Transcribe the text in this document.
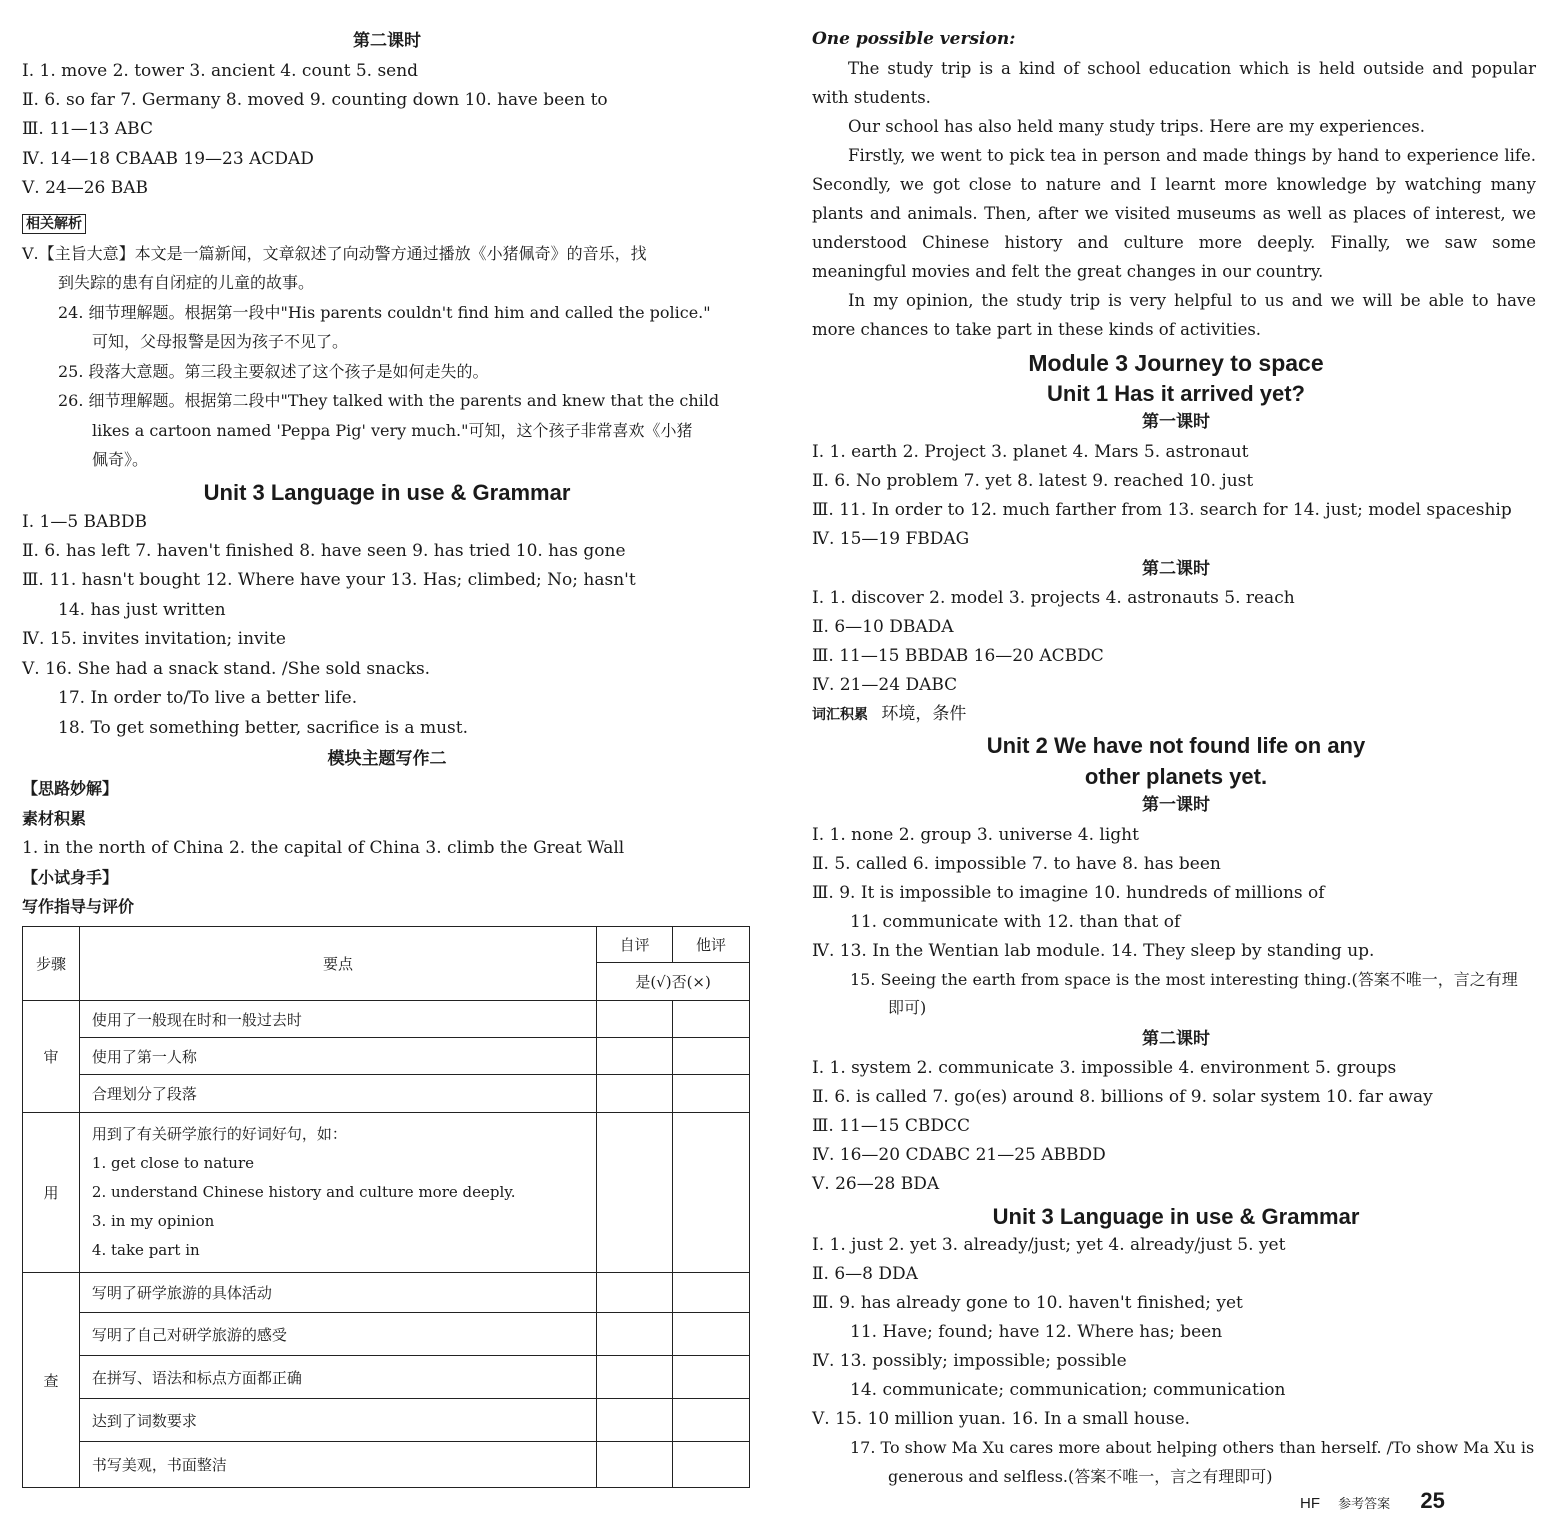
第二课时
Ⅰ. 1. move 2. tower 3. ancient 4. count 5. send
Ⅱ. 6. so far 7. Germany 8. moved 9. counting down 10. have been to
Ⅲ. 11—13 ABC
Ⅳ. 14—18 CBAAB 19—23 ACDAD
Ⅴ. 24—26 BAB
相关解析
Ⅴ.【主旨大意】本文是一篇新闻，文章叙述了向动警方通过播放《小猪佩奇》的音乐，找
到失踪的患有自闭症的儿童的故事。
24. 细节理解题。根据第一段中"His parents couldn't find him and called the police."
可知，父母报警是因为孩子不见了。
25. 段落大意题。第三段主要叙述了这个孩子是如何走失的。
26. 细节理解题。根据第二段中"They talked with the parents and knew that the child
likes a cartoon named 'Peppa Pig' very much."可知，这个孩子非常喜欢《小猪
佩奇》。
Unit 3 Language in use & Grammar
Ⅰ. 1—5 BABDB
Ⅱ. 6. has left 7. haven't finished 8. have seen 9. has tried 10. has gone
Ⅲ. 11. hasn't bought 12. Where have your 13. Has; climbed; No; hasn't
14. has just written
Ⅳ. 15. invites invitation; invite
Ⅴ. 16. She had a snack stand. /She sold snacks.
17. In order to/To live a better life.
18. To get something better, sacrifice is a must.
模块主题写作二
【思路妙解】
素材积累
1. in the north of China 2. the capital of China 3. climb the Great Wall
【小试身手】
写作指导与评价
步骤	要点	自评	他评
		是(√)否(×)	
审	使用了一般现在时和一般过去时		
	使用了第一人称		
	合理划分了段落		
用	用到了有关研学旅行的好词好句，如：
1. get close to nature
2. understand Chinese history and culture more deeply.
3. in my opinion
4. take part in		

查	写明了研学旅游的具体活动		
	写明了自己对研学旅游的感受		
	在拼写、语法和标点方面都正确		
	达到了词数要求		
	书写美观，书面整洁		
One possible version:
The study trip is a kind of school education which is held outside and popular with students.
Our school has also held many study trips. Here are my experiences.
Firstly, we went to pick tea in person and made things by hand to experience life. Secondly, we got close to nature and I learnt more knowledge by watching many plants and animals. Then, after we visited museums as well as places of interest, we understood Chinese history and culture more deeply. Finally, we saw some meaningful movies and felt the great changes in our country.
In my opinion, the study trip is very helpful to us and we will be able to have more chances to take part in these kinds of activities.
Module 3 Journey to space
Unit 1 Has it arrived yet?
第一课时
Ⅰ. 1. earth 2. Project 3. planet 4. Mars 5. astronaut
Ⅱ. 6. No problem 7. yet 8. latest 9. reached 10. just
Ⅲ. 11. In order to 12. much farther from 13. search for 14. just; model spaceship
Ⅳ. 15—19 FBDAG
第二课时
Ⅰ. 1. discover 2. model 3. projects 4. astronauts 5. reach
Ⅱ. 6—10 DBADA
Ⅲ. 11—15 BBDAB 16—20 ACBDC
Ⅳ. 21—24 DABC
词汇积累 环境，条件
Unit 2 We have not found life on any
other planets yet.
第一课时
Ⅰ. 1. none 2. group 3. universe 4. light
Ⅱ. 5. called 6. impossible 7. to have 8. has been
Ⅲ. 9. It is impossible to imagine 10. hundreds of millions of
11. communicate with 12. than that of
Ⅳ. 13. In the Wentian lab module. 14. They sleep by standing up.
15. Seeing the earth from space is the most interesting thing.(答案不唯一，言之有理
即可)
第二课时
Ⅰ. 1. system 2. communicate 3. impossible 4. environment 5. groups
Ⅱ. 6. is called 7. go(es) around 8. billions of 9. solar system 10. far away
Ⅲ. 11—15 CBDCC
Ⅳ. 16—20 CDABC 21—25 ABBDD
Ⅴ. 26—28 BDA
Unit 3 Language in use & Grammar
Ⅰ. 1. just 2. yet 3. already/just; yet 4. already/just 5. yet
Ⅱ. 6—8 DDA
Ⅲ. 9. has already gone to 10. haven't finished; yet
11. Have; found; have 12. Where has; been
Ⅳ. 13. possibly; impossible; possible
14. communicate; communication; communication
Ⅴ. 15. 10 million yuan. 16. In a small house.
17. To show Ma Xu cares more about helping others than herself. /To show Ma Xu is
generous and selfless.(答案不唯一，言之有理即可)
HF 参考答案 25
